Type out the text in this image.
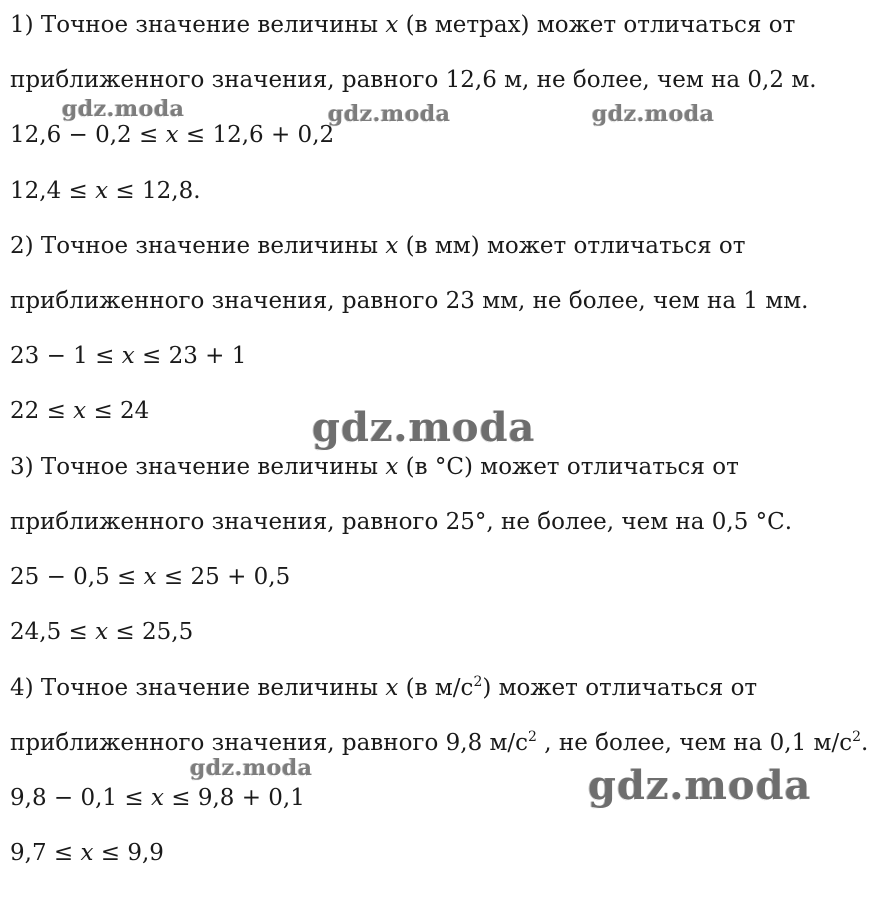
1) Точное значение величины x (в метрах) может отличаться от
приближенного значения, равного 12,6 м, не более, чем на 0,2 м.
12,6 − 0,2 ≤ x ≤ 12,6 + 0,2
12,4 ≤ x ≤ 12,8.
2) Точное значение величины x (в мм) может отличаться от
приближенного значения, равного 23 мм, не более, чем на 1 мм.
23 − 1 ≤ x ≤ 23 + 1
22 ≤ x ≤ 24
3) Точное значение величины x (в °С) может отличаться от
приближенного значения, равного 25°, не более, чем на 0,5 °С.
25 − 0,5 ≤ x ≤ 25 + 0,5
24,5 ≤ x ≤ 25,5
4) Точное значение величины x (в $м/с^2$) может отличаться от
приближенного значения, равного 9,8 $м/с^2$ , не более, чем на 0,1 $м/с^2$.
9,8 − 0,1 ≤ x ≤ 9,8 + 0,1
9,7 ≤ x ≤ 9,9
gdz.moda	gdz.moda	gdz.moda
gdz.moda
gdz.moda	gdz.moda
